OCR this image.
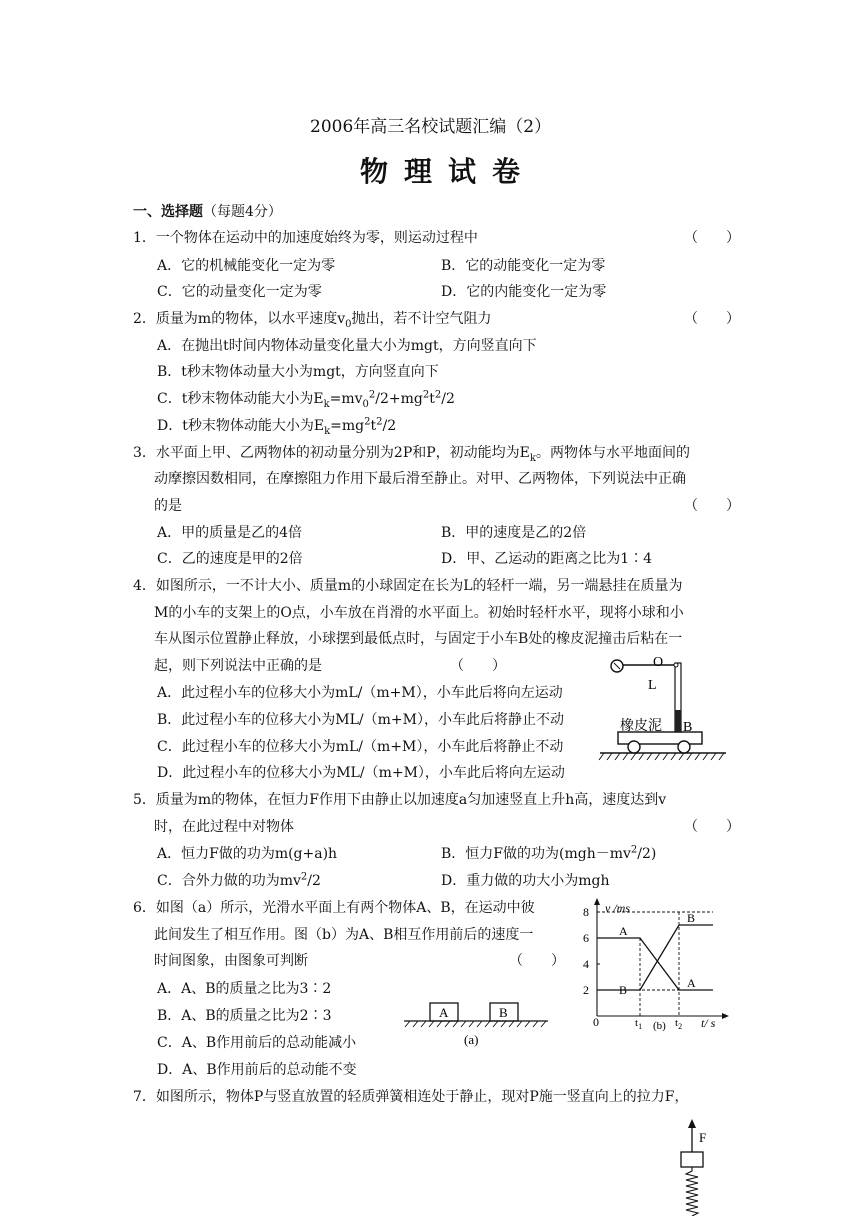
2006年高三名校试题汇编（2）
物理试卷
一、选择题（每题4分）
1．一个物体在运动中的加速度始终为零，则运动过程中	（　　）
A．它的机械能变化一定为零	B．它的动能变化一定为零
C．它的动量变化一定为零	D．它的内能变化一定为零
2．质量为m的物体，以水平速度$v_0$抛出，若不计空气阻力	（　　）
A．在抛出t时间内物体动量变化量大小为mgt，方向竖直向下
B．t秒末物体动量大小为mgt，方向竖直向下
C．t秒末物体动能大小为$E_k=mv_0^2/2+mg^2t^2/2$
D．t秒末物体动能大小为$E_k=mg^2t^2/2$
3．水平面上甲、乙两物体的初动量分别为2P和P，初动能均为$E_k$。两物体与水平地面间的
动摩擦因数相同，在摩擦阻力作用下最后滑至静止。对甲、乙两物体，下列说法中正确
的是	（　　）
A．甲的质量是乙的4倍	B．甲的速度是乙的2倍
C．乙的速度是甲的2倍	D．甲、乙运动的距离之比为1∶4
4．如图所示，一不计大小、质量m的小球固定在长为L的轻杆一端，另一端悬挂在质量为
M的小车的支架上的O点，小车放在肖滑的水平面上。初始时轻杆水平，现将小球和小
车从图示位置静止释放，小球摆到最低点时，与固定于小车B处的橡皮泥撞击后粘在一
起，则下列说法中正确的是	（　　）
A．此过程小车的位移大小为mL/（m+M），小车此后将向左运动
B．此过程小车的位移大小为ML/（m+M），小车此后将静止不动
C．此过程小车的位移大小为mL/（m+M），小车此后将静止不动
D．此过程小车的位移大小为ML/（m+M），小车此后将向左运动
O
L
橡皮泥 B
5．质量为m的物体，在恒力F作用下由静止以加速度a匀加速竖直上升h高，速度达到v
时，在此过程中对物体	（　　）
A．恒力F做的功为m(g+a)h	B．恒力F做的功为$(mgh-mv^2/2)$
C．合外力做的功为$mv^2/2$	D．重力做的功大小为mgh
6．如图（a）所示，光滑水平面上有两个物体A、B，在运动中彼
此间发生了相互作用。图（b）为A、B相互作用前后的速度一
时间图象，由图象可判断	（　　）
A．A、B的质量之比为3∶2
B．A、B的质量之比为2∶3
C．A、B作用前后的总动能减小
D．A、B作用前后的总动能不变
A	B
(a)
v /ms
t/ s
0	$t_1$	$t_2$
(b)
2
4
6
8
A
B
B
A
7．如图所示，物体P与竖直放置的轻质弹簧相连处于静止，现对P施一竖直向上的拉力F，
F
